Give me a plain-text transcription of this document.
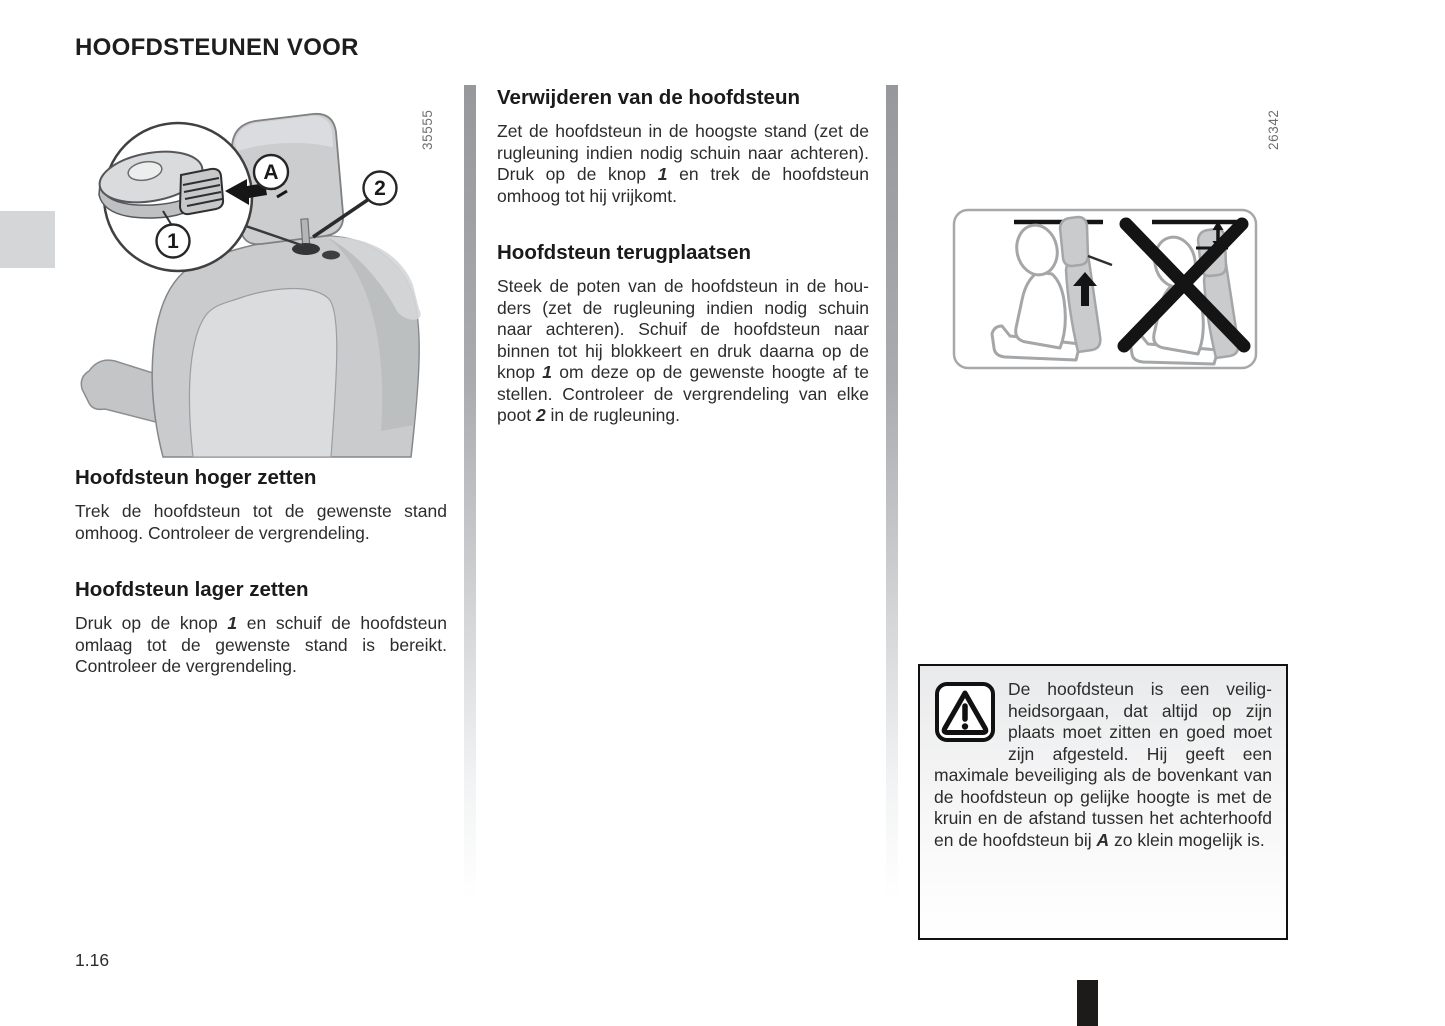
HOOFDSTEUNEN VOOR
1
A
2
35555
Verwijderen van de hoofdsteun

Zet de hoofdsteun in de hoogste stand (zet de rugleuning indien nodig schuin naar achteren). Druk op de knop 1 en trek de hoofdsteun omhoog tot hij vrijkomt.

Hoofdsteun terugplaatsen

Steek de poten van de hoofdsteun in de houders (zet de rugleuning indien nodig schuin naar achteren). Schuif de hoofdsteun naar binnen tot hij blokkeert en druk daarna op de knop 1 om deze op de gewenste hoogte af te stellen. Controleer de vergrendeling van elke poot 2 in de rugleuning.

Hoofdsteun hoger zetten

Trek de hoofdsteun tot de gewenste stand omhoog. Controleer de vergrendeling.

Hoofdsteun lager zetten

Druk op de knop 1 en schuif de hoofdsteun omlaag tot de gewenste stand is bereikt. Controleer de vergrendeling.

26342

De hoofdsteun is een veiligheidsorgaan, dat altijd op zijn plaats moet zitten en goed moet zijn afgesteld. Hij geeft een maximale beveiliging als de bovenkant van de hoofdsteun op gelijke hoogte is met de kruin en de afstand tussen het achterhoofd en de hoofdsteun bij A zo klein mogelijk is.

1.16
